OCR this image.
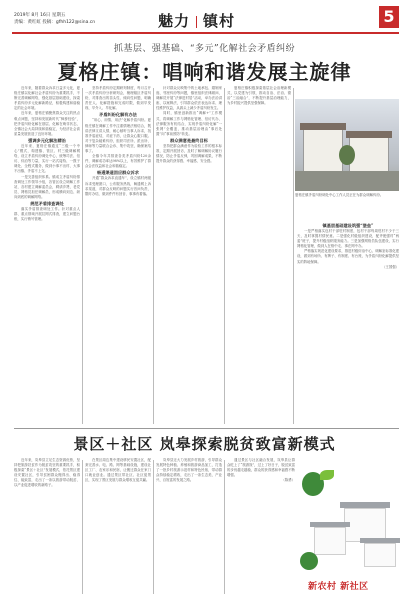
2019年 8月 16日 星期五
责编：黄红虹 投稿：gfhh122@sina.cn	魅力 镇村	5
抓基层、强基础、“多元”化解社会矛盾纠纷
夏格庄镇：唱响和谐发展主旋律

近年来，随着群众诉求日益多元化，夏格庄镇以化解社会矛盾纠纷为重要抓手，不断完善调解网络，强化基层基础建设，探索矛盾纠纷多元化解新路径，积极构建和谐稳定的社会环境。

近年来，夏格庄镇聚焦群众关注的热点难点问题，坚持和发展新时代“枫桥经验”，把矛盾纠纷化解在基层、化解在萌芽状态，全镇社会大局持续和谐稳定，为经济社会高质量发展营造了良好环境。

强调多元化解法精治

近年来，夏格庄镇通过“三级一个中心”模式，构建镇、管区、村三级调解网络，设立矛盾纠纷调处中心，统筹司法、信访、综治等力量，实行一站式接待、一揽子调处、全程式服务，做到小事不出村、大事不出镇、矛盾不上交。

一是完善组织体系。镇成立矛盾纠纷排查调处工作领导小组，各管区设立调解工作站，各村建立调解委员会，聘请乡贤、老党员、网格员担任调解员，形成横向到边、纵向到底的调解网络。

规范矛盾排查调处

落实矛盾排查调处工作。针对重点人群、重点领域开展拉网式排查，建立问题台账，实行销号管理。

坚持矛盾纠纷定期研判制度，每月召开一次矛盾纠纷分析研判会，梳理辖区矛盾纠纷，对排查出的苗头性、倾向性问题，明确责任人、化解措施和完成时限，做到早发现、早介入、早化解。

矛盾纠纷化解有办法

“用心、用情、用法”化解矛盾纠纷。夏格庄镇在调解工作中注重情理法相结合，既讲法律又讲人情，耐心倾听当事人诉求，找准矛盾症结，对症下药，让群众心服口服。对于复杂疑难纠纷，组织司法所、派出所、律师等力量联合会诊、集中攻坚，确保案结事了。

全镇今年共排查各类矛盾纠纷120余件，调解成功率达98%以上，有效维护了群众合法权益和社会和谐稳定。

畅通渠道回应群众诉求

开通“群众诉求直通车”，设立镇村两级诉求受理窗口，公布服务热线，畅通网上诉求渠道，对群众反映的问题实行首问负责、限时办结，做到件件有回音、事事有着落。

针对群众反映集中的土地承包、婚姻家庭、邻里纠纷等问题，镇里组织法律顾问、调解员开展“法律进村居”活动，举办法治讲座、以案释法，引导群众依法表达诉求、理性维护权益，从源头上减少矛盾纠纷发生。

同时，镇里创新推出“调解+”工作模式，将调解工作与网格化管理、信访代办、法律服务有机结合，实现矛盾纠纷化解“一张网”全覆盖，推动基层治理由“事后处置”向“事前预防”转变。

群众满意是最终目标

坚持把群众满意作为检验工作的根本标准，定期开展回访，及时了解调解协议履行情况，防止矛盾反弹，巩固调解成果，不断提升群众的获得感、幸福感、安全感。

夏格庄镇积极探索基层社会治理新模式，以党建为引领，推动自治、法治、德治“三治融合”，不断提升基层治理能力，为乡村振兴提供坚强保障。

夏格庄镇矛盾纠纷调处中心工作人员正在为群众调解纠纷。
镇基层基础建设筑强“堡垒”

一是严格落实包村干部驻村制度，包村干部每周驻村不少于三天，及时掌握村情民意。二是强化村级组织建设，配齐配强村“两委”班子，提升村级组织服务能力。三是加强网格员队伍建设，实行网格化管理，做到人在格中走、事在网中办。

严格落实规范化建设要求，推进村级综治中心、调解室标准化建设，做到有场所、有牌子、有制度、有台账，为矛盾纠纷化解提供坚实的阵地保障。

（王国强）
景区＋社区 岚皋探索脱贫致富新模式

近年来，岚皋县立足生态资源优势，坚持把旅游扶贫作为脱贫攻坚的重要抓手，积极探索“景区＋社区”发展模式，依托景区建设安置社区，引导贫困群众搬得出、稳得住、能致富，走出了一条以旅游带动脱贫、以产业促进增收的新路子。

在景区周边集中建设移民安置社区，配套完善水、电、路、网等基础设施，建设社区工厂、农家乐和民宿，让搬迁群众在家门口就业创业。通过景区带社区、社区促景区，实现了景区发展与群众增收互促共赢。

岚皋县还大力发展乡村旅游，引导群众发展特色种植、养殖和旅游商品加工，打造了一批乡村旅游示范村和特色民宿，带动群众持续稳定增收，走出了一条生态美、产业兴、百姓富的发展之路。

通过景区与社区融合发展，岚皋县让群众吃上了“旅游饭”，过上了好日子，脱贫致富的步伐越走越稳，群众的获得感和幸福感不断增强。

（陈勇）
新农村 新社区
